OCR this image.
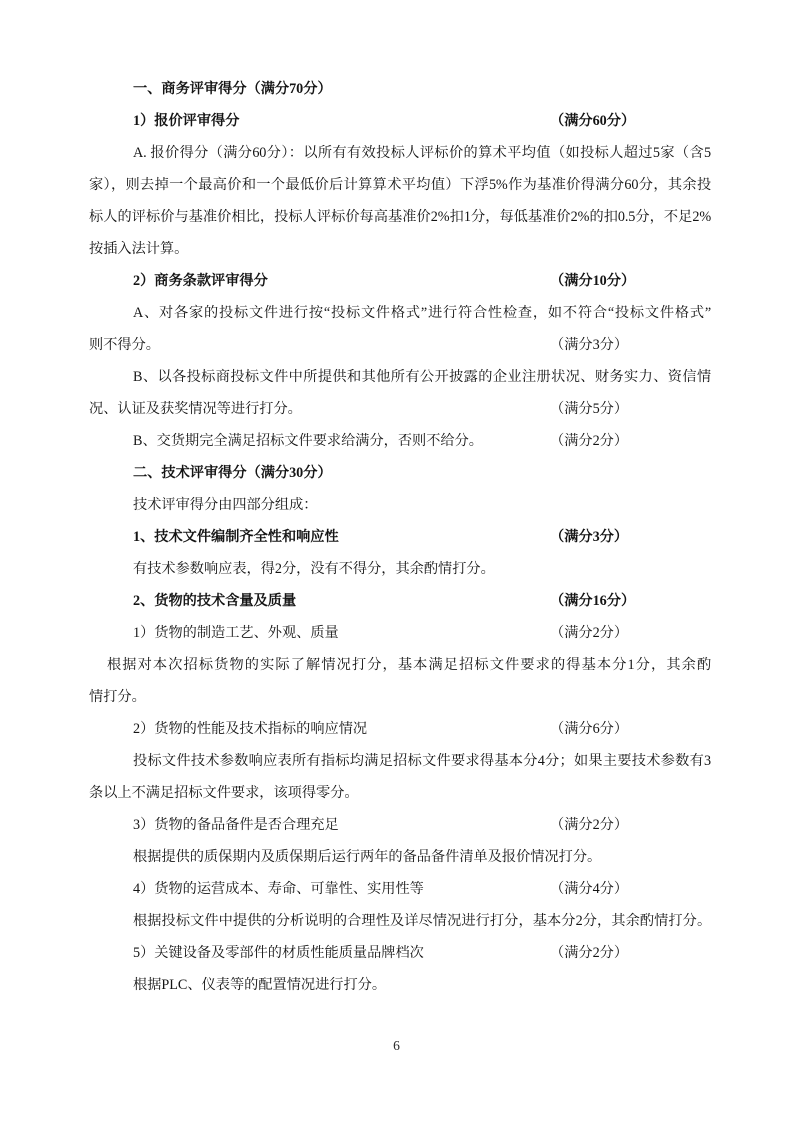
一、商务评审得分（满分70分）
1）报价评审得分	（满分60分）
A. 报价得分（满分60分）：以所有有效投标人评标价的算术平均值（如投标人超过5家（含5
家），则去掉一个最高价和一个最低价后计算算术平均值）下浮5%作为基准价得满分60分，其余投
标人的评标价与基准价相比，投标人评标价每高基准价2%扣1分，每低基准价2%的扣0.5分，不足2%
按插入法计算。
2）商务条款评审得分	（满分10分）
A、对各家的投标文件进行按“投标文件格式”进行符合性检查，如不符合“投标文件格式”
则不得分。	（满分3分）
B、以各投标商投标文件中所提供和其他所有公开披露的企业注册状况、财务实力、资信情
况、认证及获奖情况等进行打分。	（满分5分）
B、交货期完全满足招标文件要求给满分，否则不给分。	（满分2分）
二、技术评审得分（满分30分）
技术评审得分由四部分组成：
1、技术文件编制齐全性和响应性	（满分3分）
有技术参数响应表，得2分，没有不得分，其余酌情打分。
2、货物的技术含量及质量	（满分16分）
1）货物的制造工艺、外观、质量	（满分2分）
根据对本次招标货物的实际了解情况打分，基本满足招标文件要求的得基本分1分，其余酌
情打分。
2）货物的性能及技术指标的响应情况	（满分6分）
投标文件技术参数响应表所有指标均满足招标文件要求得基本分4分；如果主要技术参数有3
条以上不满足招标文件要求，该项得零分。
3）货物的备品备件是否合理充足	（满分2分）
根据提供的质保期内及质保期后运行两年的备品备件清单及报价情况打分。
4）货物的运营成本、寿命、可靠性、实用性等	（满分4分）
根据投标文件中提供的分析说明的合理性及详尽情况进行打分，基本分2分，其余酌情打分。
5）关键设备及零部件的材质性能质量品牌档次	（满分2分）
根据PLC、仪表等的配置情况进行打分。
6
